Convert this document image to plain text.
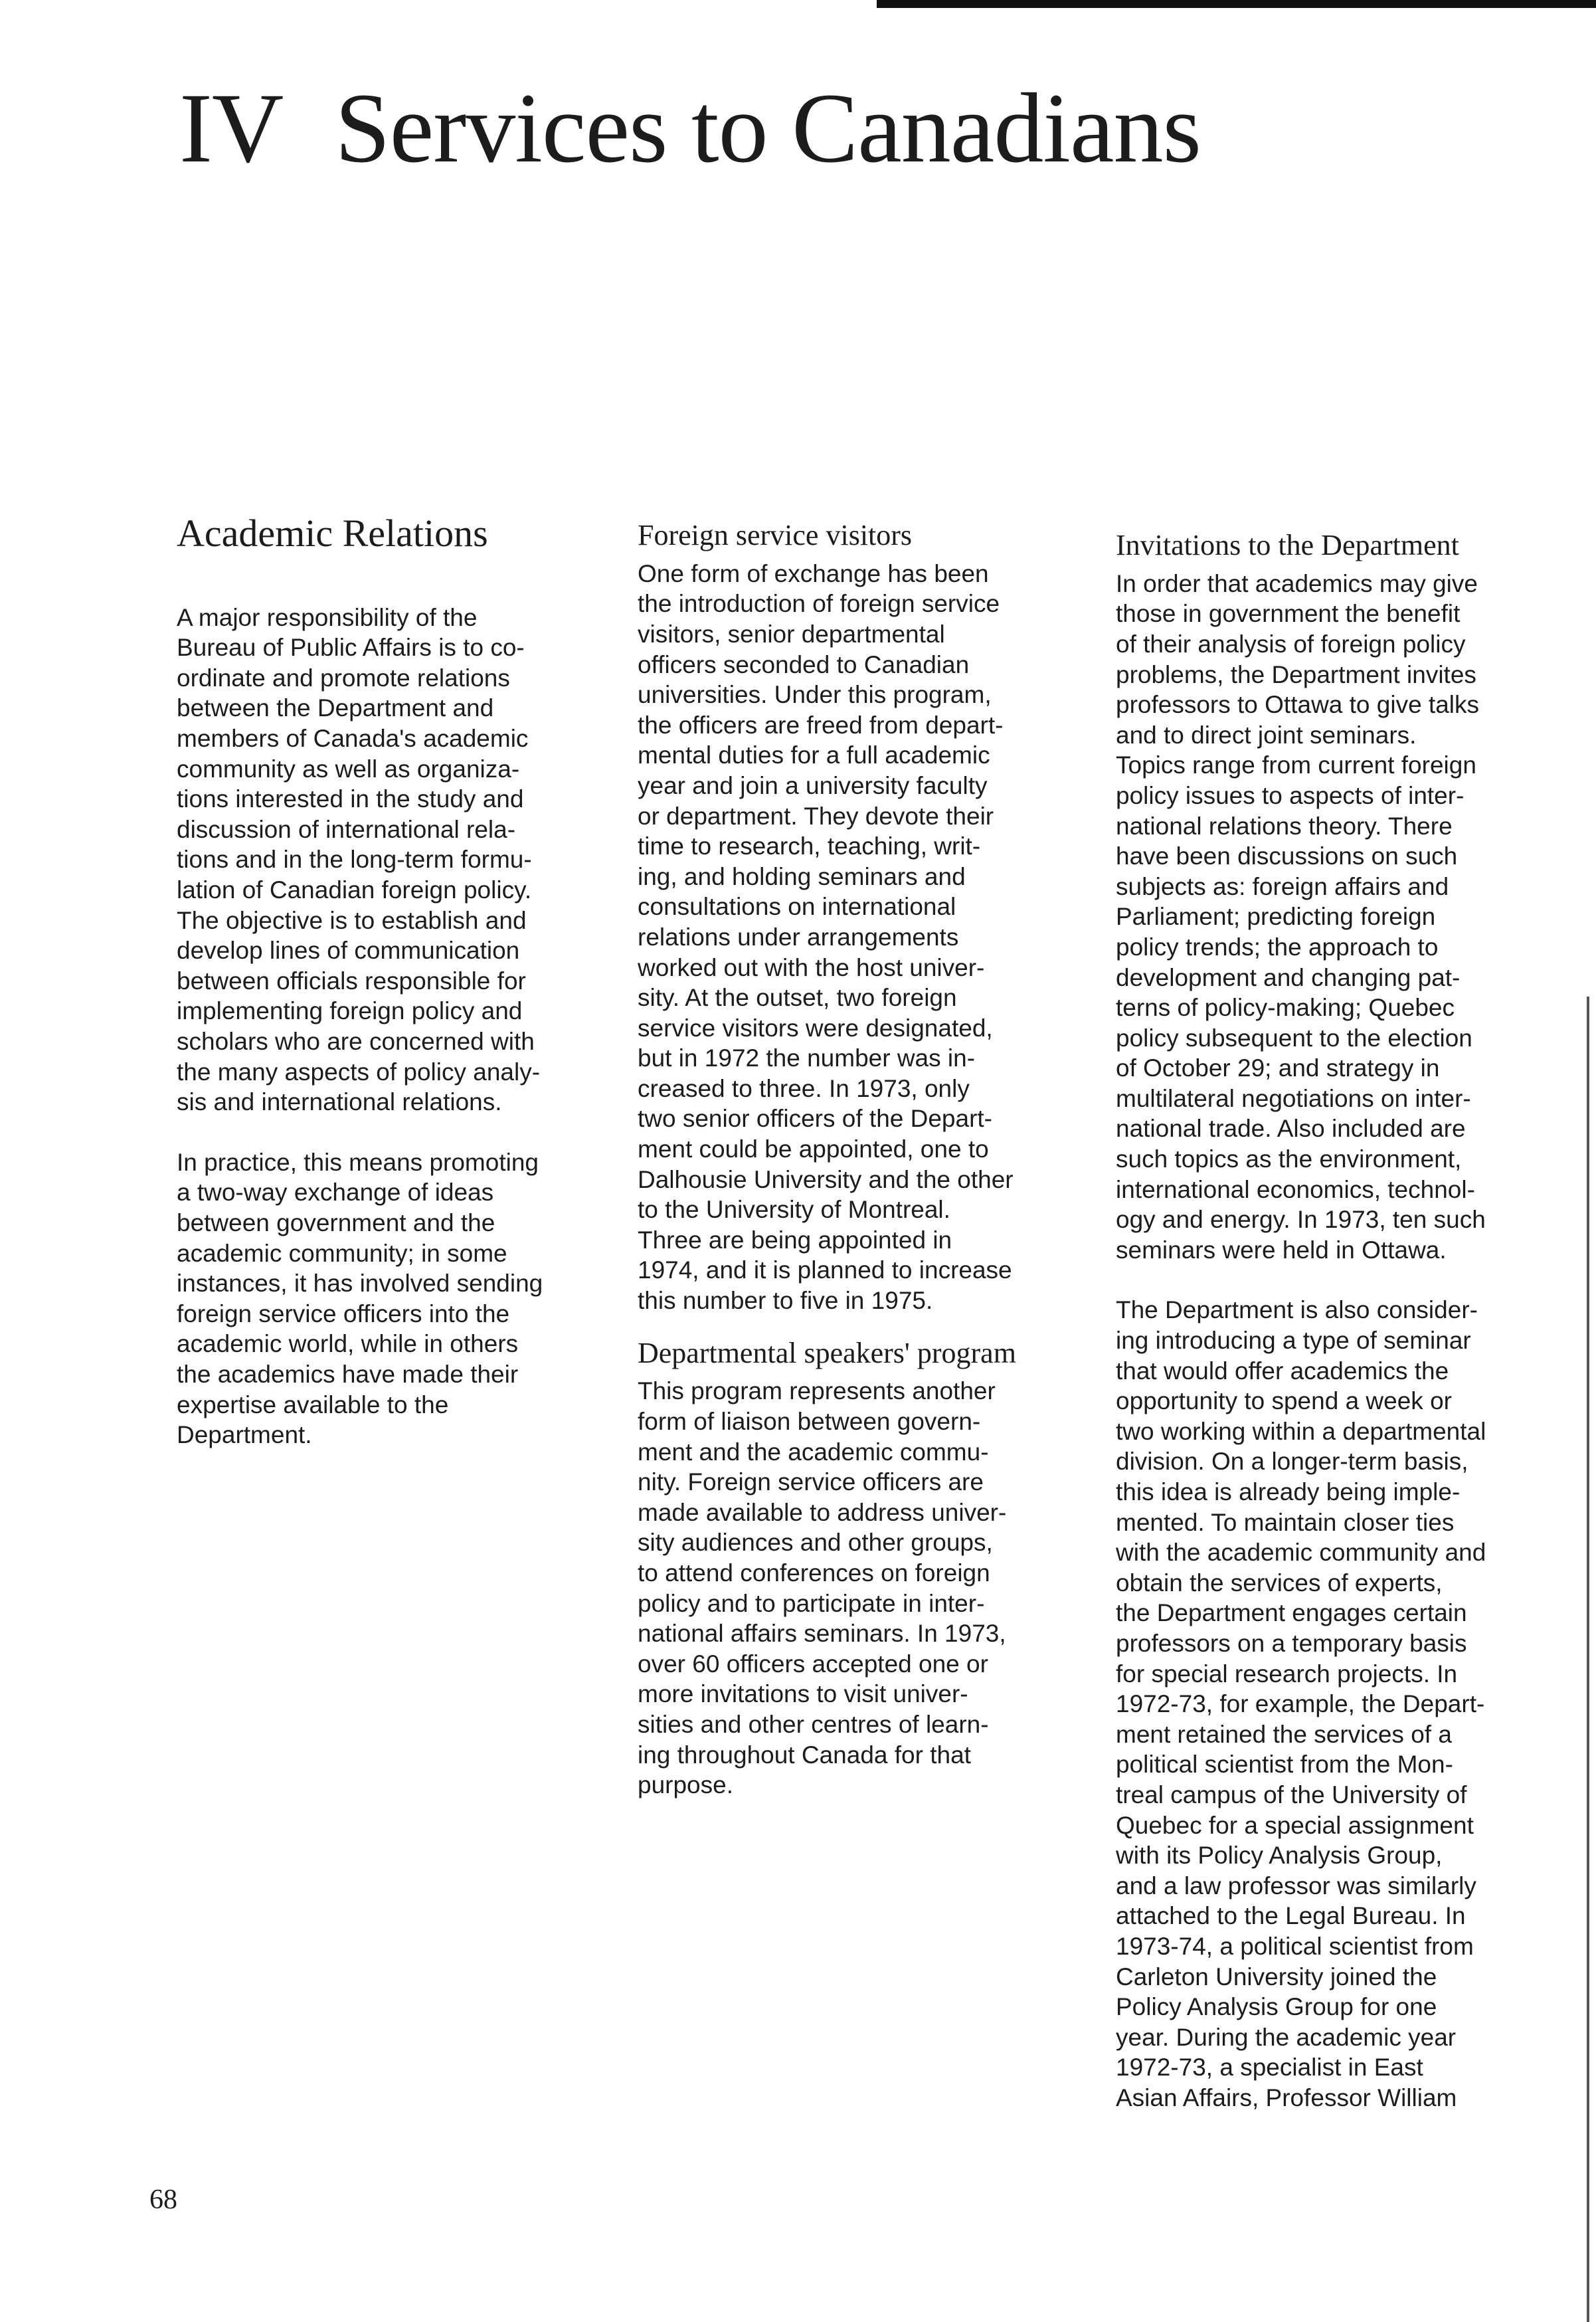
IV Services to Canadians
Academic Relations

A major responsibility of the
Bureau of Public Affairs is to co-
ordinate and promote relations
between the Department and
members of Canada's academic
community as well as organiza-
tions interested in the study and
discussion of international rela-
tions and in the long-term formu-
lation of Canadian foreign policy.
The objective is to establish and
develop lines of communication
between officials responsible for
implementing foreign policy and
scholars who are concerned with
the many aspects of policy analy-
sis and international relations.

In practice, this means promoting
a two-way exchange of ideas
between government and the
academic community; in some
instances, it has involved sending
foreign service officers into the
academic world, while in others
the academics have made their
expertise available to the
Department.

Foreign service visitors

One form of exchange has been
the introduction of foreign service
visitors, senior departmental
officers seconded to Canadian
universities. Under this program,
the officers are freed from depart-
mental duties for a full academic
year and join a university faculty
or department. They devote their
time to research, teaching, writ-
ing, and holding seminars and
consultations on international
relations under arrangements
worked out with the host univer-
sity. At the outset, two foreign
service visitors were designated,
but in 1972 the number was in-
creased to three. In 1973, only
two senior officers of the Depart-
ment could be appointed, one to
Dalhousie University and the other
to the University of Montreal.
Three are being appointed in
1974, and it is planned to increase
this number to five in 1975.

Departmental speakers' program

This program represents another
form of liaison between govern-
ment and the academic commu-
nity. Foreign service officers are
made available to address univer-
sity audiences and other groups,
to attend conferences on foreign
policy and to participate in inter-
national affairs seminars. In 1973,
over 60 officers accepted one or
more invitations to visit univer-
sities and other centres of learn-
ing throughout Canada for that
purpose.

Invitations to the Department

In order that academics may give
those in government the benefit
of their analysis of foreign policy
problems, the Department invites
professors to Ottawa to give talks
and to direct joint seminars.
Topics range from current foreign
policy issues to aspects of inter-
national relations theory. There
have been discussions on such
subjects as: foreign affairs and
Parliament; predicting foreign
policy trends; the approach to
development and changing pat-
terns of policy-making; Quebec
policy subsequent to the election
of October 29; and strategy in
multilateral negotiations on inter-
national trade. Also included are
such topics as the environment,
international economics, technol-
ogy and energy. In 1973, ten such
seminars were held in Ottawa.

The Department is also consider-
ing introducing a type of seminar
that would offer academics the
opportunity to spend a week or
two working within a departmental
division. On a longer-term basis,
this idea is already being imple-
mented. To maintain closer ties
with the academic community and
obtain the services of experts,
the Department engages certain
professors on a temporary basis
for special research projects. In
1972-73, for example, the Depart-
ment retained the services of a
political scientist from the Mon-
treal campus of the University of
Quebec for a special assignment
with its Policy Analysis Group,
and a law professor was similarly
attached to the Legal Bureau. In
1973-74, a political scientist from
Carleton University joined the
Policy Analysis Group for one
year. During the academic year
1972-73, a specialist in East
Asian Affairs, Professor William

68
